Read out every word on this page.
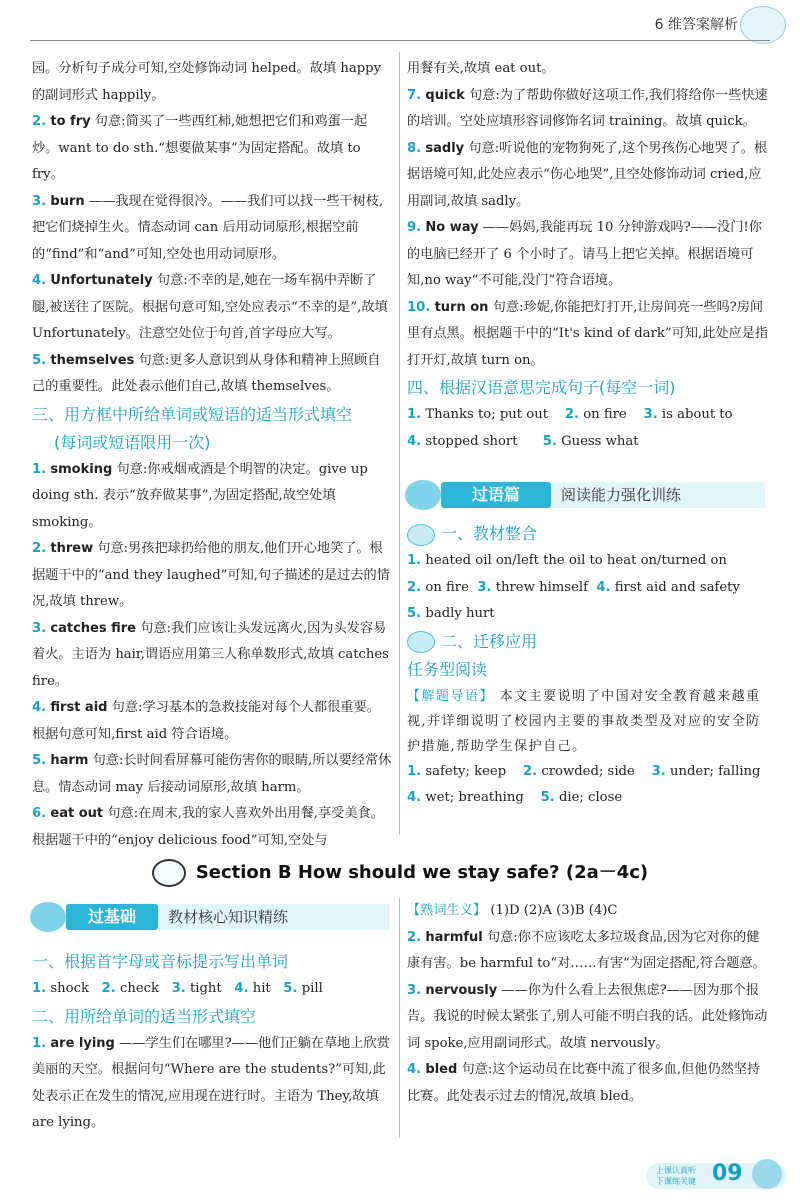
6 维答案解析

园。分析句子成分可知,空处修饰动词 helped。故填 happy 的副词形式 happily。

2. to fry 句意:简买了一些西红柿,她想把它们和鸡蛋一起炒。want to do sth.“想要做某事”为固定搭配。故填 to fry。

3. burn ——我现在觉得很冷。——我们可以找一些干树枝,把它们烧掉生火。情态动词 can 后用动词原形,根据空前的“find”和“and”可知,空处也用动词原形。

4. Unfortunately 句意:不幸的是,她在一场车祸中弄断了腿,被送往了医院。根据句意可知,空处应表示“不幸的是”,故填 Unfortunately。注意空处位于句首,首字母应大写。

5. themselves 句意:更多人意识到从身体和精神上照顾自己的重要性。此处表示他们自己,故填 themselves。

三、用方框中所给单词或短语的适当形式填空

(每词或短语限用一次)

1. smoking 句意:你戒烟戒酒是个明智的决定。give up doing sth. 表示“放弃做某事”,为固定搭配,故空处填 smoking。

2. threw 句意:男孩把球扔给他的朋友,他们开心地笑了。根据题干中的“and they laughed”可知,句子描述的是过去的情况,故填 threw。

3. catches fire 句意:我们应该让头发远离火,因为头发容易着火。主语为 hair,谓语应用第三人称单数形式,故填 catches fire。

4. first aid 句意:学习基本的急救技能对每个人都很重要。根据句意可知,first aid 符合语境。

5. harm 句意:长时间看屏幕可能伤害你的眼睛,所以要经常休息。情态动词 may 后接动词原形,故填 harm。

6. eat out 句意:在周末,我的家人喜欢外出用餐,享受美食。根据题干中的“enjoy delicious food”可知,空处与

用餐有关,故填 eat out。

7. quick 句意:为了帮助你做好这项工作,我们将给你一些快速的培训。空处应填形容词修饰名词 training。故填 quick。

8. sadly 句意:听说他的宠物狗死了,这个男孩伤心地哭了。根据语境可知,此处应表示“伤心地哭”,且空处修饰动词 cried,应用副词,故填 sadly。

9. No way ——妈妈,我能再玩 10 分钟游戏吗?——没门!你的电脑已经开了 6 个小时了。请马上把它关掉。根据语境可知,no way“不可能,没门”符合语境。

10. turn on 句意:珍妮,你能把灯打开,让房间亮一些吗?房间里有点黑。根据题干中的“It's kind of dark”可知,此处应是指打开灯,故填 turn on。

四、根据汉语意思完成句子(每空一词)

1. Thanks to; put out 2. on fire 3. is about to

4. stopped short 5. Guess what

过语篇	阅读能力强化训练

一、教材整合

1. heated oil on/left the oil to heat on/turned on

2. on fire 3. threw himself 4. first aid and safety

5. badly hurt

二、迁移应用

任务型阅读

【解题导语】 本文主要说明了中国对安全教育越来越重视,并详细说明了校园内主要的事故类型及对应的安全防护措施,帮助学生保护自己。

1. safety; keep 2. crowded; side 3. under; falling

4. wet; breathing 5. die; close

Section B How should we stay safe? (2a－4c)
过基础	教材核心知识精练

一、根据首字母或音标提示写出单词

1. shock 2. check 3. tight 4. hit 5. pill

二、用所给单词的适当形式填空

1. are lying ——学生们在哪里?——他们正躺在草地上欣赏美丽的天空。根据问句“Where are the students?”可知,此处表示正在发生的情况,应用现在进行时。主语为 They,故填 are lying。

【熟词生义】 (1)D (2)A (3)B (4)C

2. harmful 句意:你不应该吃太多垃圾食品,因为它对你的健康有害。be harmful to“对……有害”为固定搭配,符合题意。

3. nervously ——你为什么看上去很焦虑?——因为那个报告。我说的时候太紧张了,别人可能不明白我的话。此处修饰动词 spoke,应用副词形式。故填 nervously。

4. bled 句意:这个运动员在比赛中流了很多血,但他仍然坚持比赛。此处表示过去的情况,故填 bled。

上课认真听
下课练关键 09
